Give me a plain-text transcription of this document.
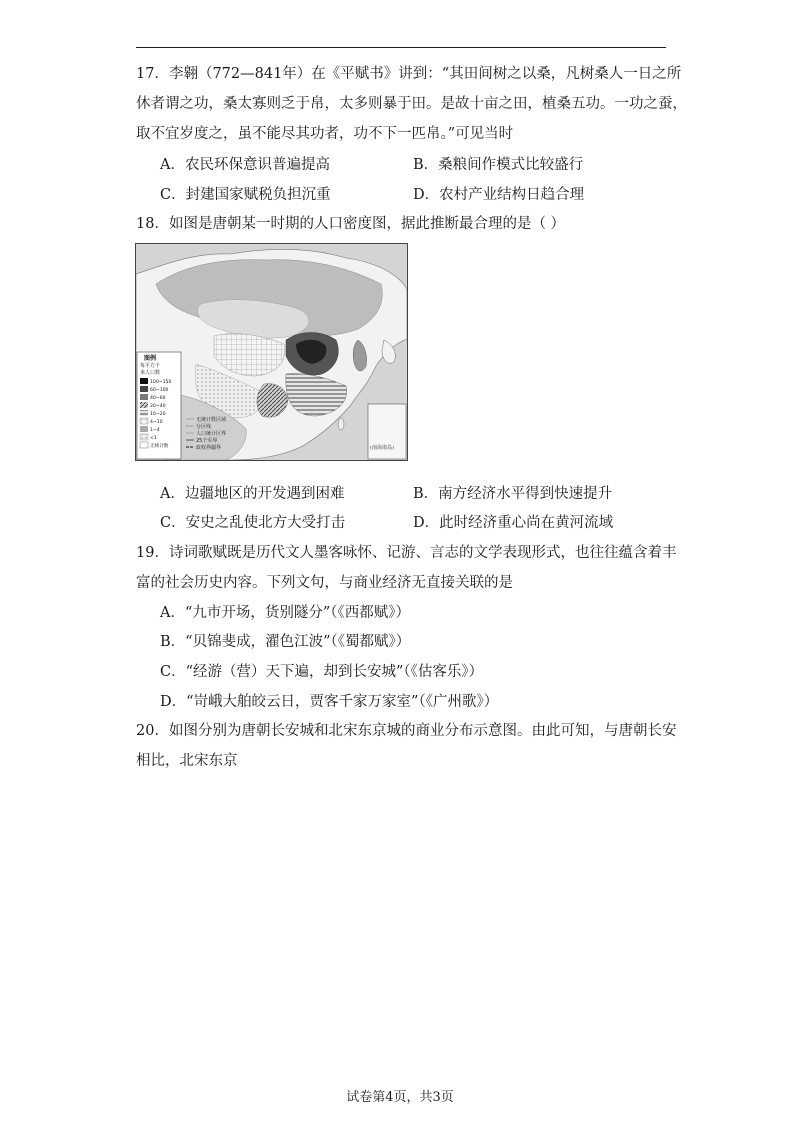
17．李翱（772—841年）在《平赋书》讲到：“其田间树之以桑，凡树桑人一日之所
休者谓之功，桑太寡则乏于帛，太多则暴于田。是故十亩之田，植桑五功。一功之蚕，
取不宜岁度之，虽不能尽其功者，功不下一匹帛。”可见当时
A．农民环保意识普遍提高	B．桑粮间作模式比较盛行
C．封建国家赋税负担沉重	D．农村产业结构日趋合理
18．如图是唐朝某一时期的人口密度图，据此推断最合理的是（ ）
(南海诸岛)
无统计数区域
分区线
人口统计区界
25个军界
政权界疆界
图例
每平方千
米人口数
100~150
60~100
40~60
20~40
10~20
4~10
1~4
<1
无统计数
A．边疆地区的开发遇到困难	B．南方经济水平得到快速提升
C．安史之乱使北方大受打击	D．此时经济重心尚在黄河流域
19．诗词歌赋既是历代文人墨客咏怀、记游、言志的文学表现形式，也往往蕴含着丰
富的社会历史内容。下列文句，与商业经济无直接关联的是
A．“九市开场，货别隧分”（《西都赋》）
B．“贝锦斐成，濯色江波”（《蜀都赋》）
C．“经游（营）天下遍，却到长安城”（《估客乐》）
D．“岢峨大舶皎云日，贾客千家万家室”（《广州歌》）
20．如图分别为唐朝长安城和北宋东京城的商业分布示意图。由此可知，与唐朝长安
相比，北宋东京
试卷第4页，共3页
